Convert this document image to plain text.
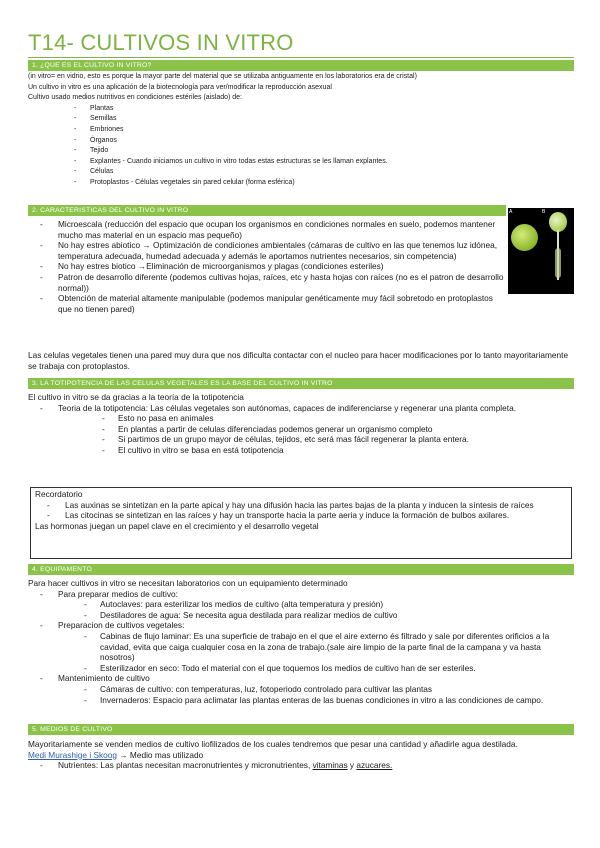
T14- CULTIVOS IN VITRO
1. ¿QUE ES EL CULTIVO IN VITRO?

(in vitro= en vidrio, esto es porque la mayor parte del material que se utilizaba antiguamente en los laboratorios era de cristal)

Un cultivo in vitro es una aplicación de la biotecnología para ver/modificar la reproducción asexual

Cultivo usado medios nutritivos en condiciones estériles (aislado) de:

- Plantas
- Semillas
- Embriones
- Órganos
- Tejido
- Explantes - Cuando iniciamos un cultivo in vitro todas estas estructuras se les llaman explantes.
- Células
- Protoplastos - Células vegetales sin pared celular (forma esférica)
2. CARACTERISTICAS DEL CULTIVO IN VITRO
- Microescala (reducción del espacio que ocupan los organismos en condiciones normales en suelo, podemos mantener mucho mas material en un espacio mas pequeño)
- No hay estres abiotico → Optimización de condiciones ambientales (cámaras de cultivo en las que tenemos luz idónea, temperatura adecuada, humedad adecuada y además le aportamos nutrientes necesarios, sin competencia)
- No hay estres biotico →Eliminación de microorganismos y plagas (condiciones esteriles)
- Patron de desarrollo diferente (podemos cultivas hojas, raíces, etc y hasta hojas con raíces (no es el patron de desarrollo normal))
- Obtención de material altamente manipulable (podemos manipular genéticamente muy fácil sobretodo en protoplastos que no tienen pared)
Las celulas vegetales tienen una pared muy dura que nos dificulta contactar con el nucleo para hacer modificaciones por lo tanto mayoritariamente se trabaja con protoplastos.
A	B
3. LA TOTIPOTENCIA DE LAS CELULAS VEGETALES ES LA BASE DEL CULTIVO IN VITRO

El cultivo in vitro se da gracias a la teoría de la totipotencia

- Teoria de la totipotencia: Las células vegetales son autónomas, capaces de indiferenciarse y regenerar una planta completa.
- Esto no pasa en animales
- En plantas a partir de celulas diferenciadas podemos generar un organismo completo
- Si partimos de un grupo mayor de células, tejidos, etc será mas fácil regenerar la planta entera.
- El cultivo in vitro se basa en está totipotencia

Recordatorio

- Las auxinas se sintetizan en la parte apical y hay una difusión hacia las partes bajas de la planta y inducen la síntesis de raíces
- Las citocinas se sintetizan en las raíces y hay un transporte hacia la parte aeria y induce la formación de bulbos axilares.

Las hormonas juegan un papel clave en el crecimiento y el desarrollo vegetal

4. EQUIPAMENTO

Para hacer cultivos in vitro se necesitan laboratorios con un equipamiento determinado

- Para preparar medios de cultivo:
- Autoclaves: para esterilizar los medios de cultivo (alta temperatura y presión)
- Destiladores de agua: Se necesita agua destilada para realizar medios de cultivo
- Preparacion de cultivos vegetales:
- Cabinas de flujo laminar: Es una superficie de trabajo en el que el aire externo és filtrado y sale por diferentes orificios a la cavidad, evita que caiga cualquier cosa en la zona de trabajo.(sale aire limpio de la parte final de la campana y va hasta nosotros)
- Esterilizador en seco: Todo el material con el que toquemos los medios de cultivo han de ser esteriles.
- Mantenimiento de cultivo
- Cámaras de cultivo: con temperaturas, luz, fotoperiodo controlado para cultivar las plantas
- Invernaderos: Espacio para aclimatar las plantas enteras de las buenas condiciones in vitro a las condiciones de campo.
5. MEDIOS DE CULTIVO

Mayoritariamente se venden medios de cultivo liofilizados de los cuales tendremos que pesar una cantidad y añadirle agua destilada.

Medi Murashige i Skoog → Medio mas utilizado

- Nutrientes: Las plantas necesitan macronutrientes y micronutrientes, vitaminas y azucares.
